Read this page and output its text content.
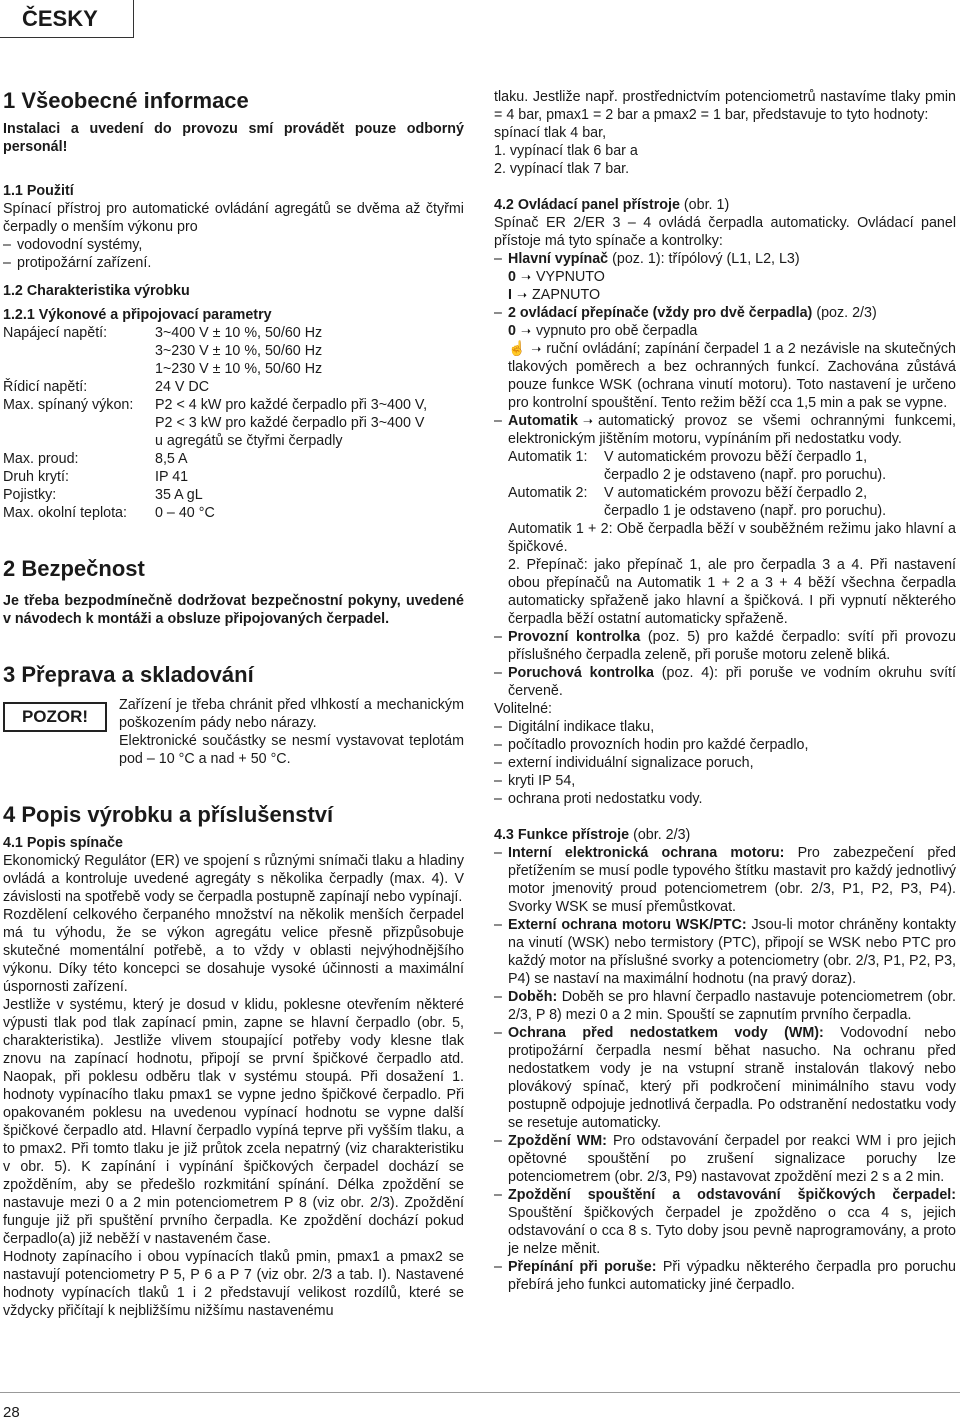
ČESKY
1 Všeobecné informace

Instalaci a uvedení do provozu smí provádět pouze odborný personál!

1.1 Použití

Spínací přístroj pro automatické ovládání agregátů se dvěma až čtyřmi čerpadly o menším výkonu pro

– vodovodní systémy,
– protipožární zařízení.

1.2 Charakteristika výrobku

1.2.1 Výkonové a připojovací parametry

Napájecí napětí:	3~400 V ± 10 %, 50/60 Hz
3~230 V ± 10 %, 50/60 Hz
1~230 V ± 10 %, 50/60 Hz
Řídicí napětí:	24 V DC
Max. spínaný výkon:	P2 < 4 kW pro každé čerpadlo při 3~400 V,
P2 < 3 kW pro každé čerpadlo při 3~400 V
u agregátů se čtyřmi čerpadly
Max. proud:	8,5 A
Druh krytí:	IP 41
Pojistky:	35 A gL
Max. okolní teplota:	0 – 40 °C
2 Bezpečnost

Je třeba bezpodmínečně dodržovat bezpečnostní pokyny, uvedené v návodech k montáži a obsluze připojovaných čerpadel.

3 Přeprava a skladování
POZOR!

Zařízení je třeba chránit před vlhkostí a mechanickým poškozením pády nebo nárazy.

Elektronické součástky se nesmí vystavovat teplotám pod – 10 °C a nad + 50 °C.

4 Popis výrobku a příslušenství

4.1 Popis spínače

Ekonomický Regulátor (ER) ve spojení s různými snímači tlaku a hladiny ovládá a kontroluje uvedené agregáty s několika čerpadly (max. 4). V závislosti na spotřebě vody se čerpadla postupně zapínají nebo vypínají.

Rozdělení celkového čerpaného množství na několik menších čerpadel má tu výhodu, že se výkon agregátu velice přesně přizpůsobuje skutečné momentální potřebě, a to vždy v oblasti nejvýhodnějšího výkonu. Díky této koncepci se dosahuje vysoké účinnosti a maximální úspornosti zařízení.

Jestliže v systému, který je dosud v klidu, poklesne otevřením některé výpusti tlak pod tlak zapínací pmin, zapne se hlavní čerpadlo (obr. 5, charakteristika). Jestliže vlivem stoupající potřeby vody klesne tlak znovu na zapínací hodnotu, připojí se první špičkové čerpadlo atd. Naopak, při poklesu odběru tlak v systému stoupá. Při dosažení 1. hodnoty vypínacího tlaku pmax1 se vypne jedno špičkové čerpadlo. Při opakovaném poklesu na uvedenou vypínací hodnotu se vypne další špičkové čerpadlo atd. Hlavní čerpadlo vypíná teprve při vyšším tlaku, a to pmax2. Při tomto tlaku je již průtok zcela nepatrný (viz charakteristiku v obr. 5). K zapínání i vypínání špičkových čerpadel dochází se zpožděním, aby se předešlo rozkmitání spínání. Délka zpoždění se nastavuje mezi 0 a 2 min potenciometrem P 8 (viz obr. 2/3). Zpoždění funguje již při spuštění prvního čerpadla. Ke zpoždění dochází pokud čerpadlo(a) již neběží v nastaveném čase.

Hodnoty zapínacího i obou vypínacích tlaků pmin, pmax1 a pmax2 se nastavují potenciometry P 5, P 6 a P 7 (viz obr. 2/3 a tab. I). Nastavené hodnoty vypínacích tlaků 1 i 2 představují velikost rozdílů, které se vždycky přičítají k nejbližšímu nižšímu nastavenému

tlaku. Jestliže např. prostřednictvím potenciometrů nastavíme tlaky pmin = 4 bar, pmax1 = 2 bar a pmax2 = 1 bar, představuje to tyto hodnoty:

spínací tlak 4 bar,

1. vypínací tlak 6 bar a

2. vypínací tlak 7 bar.

4.2 Ovládací panel přístroje (obr. 1)

Spínač ER 2/ER 3 – 4 ovládá čerpadla automaticky. Ovládací panel přístoje má tyto spínače a kontrolky:

– Hlavní vypínač (poz. 1): třípólový (L1, L2, L3)

0 ➝ VYPNUTO

I ➝ ZAPNUTO

– 2 ovládací přepínače (vždy pro dvě čerpadla) (poz. 2/3)

0 ➝ vypnuto pro obě čerpadla

☝ ➝ ruční ovládání; zapínání čerpadel 1 a 2 nezávisle na skutečných tlakových poměrech a bez ochranných funkcí. Zachována zůstává pouze funkce WSK (ochrana vinutí motoru). Toto nastavení je určeno pro kontrolní spouštění. Tento režim běží cca 1,5 min a pak se vypne.

– Automatik ➝ automatický provoz se všemi ochrannými funkcemi, elektronickým jištěním motoru, vypínáním při nedostatku vody.
Automatik 1:	V automatickém provozu běží čerpadlo 1,
čerpadlo 2 je odstaveno (např. pro poruchu).
Automatik 2:	V automatickém provozu běží čerpadlo 2,
čerpadlo 1 je odstaveno (např. pro poruchu).

Automatik 1 + 2: Obě čerpadla běží v souběžném režimu jako hlavní a špičkové.

2. Přepínač: jako přepínač 1, ale pro čerpadla 3 a 4. Při nastavení obou přepínačů na Automatik 1 + 2 a 3 + 4 běží všechna čerpadla automaticky spřaženě jako hlavní a špičková. I při vypnutí některého čerpadla běží ostatní automaticky spřaženě.

– Provozní kontrolka (poz. 5) pro každé čerpadlo: svítí při provozu příslušného čerpadla zeleně, při poruše motoru zeleně bliká.
– Poruchová kontrolka (poz. 4): při poruše ve vodním okruhu svítí červeně.

Volitelné:

– Digitální indikace tlaku,
– počítadlo provozních hodin pro každé čerpadlo,
– externí individuální signalizace poruch,
– kryti IP 54,
– ochrana proti nedostatku vody.

4.3 Funkce přístroje (obr. 2/3)

– Interní elektronická ochrana motoru: Pro zabezpečení před přetížením se musí podle typového štítku mastavit pro každý jednotlivý motor jmenovitý proud potenciometrem (obr. 2/3, P1, P2, P3, P4). Svorky WSK se musí přemůstkovat.
– Externí ochrana motoru WSK/PTC: Jsou-li motor chráněny kontakty na vinutí (WSK) nebo termistory (PTC), připojí se WSK nebo PTC pro každý motor na příslušné svorky a potenciometry (obr. 2/3, P1, P2, P3, P4) se nastaví na maximální hodnotu (na pravý doraz).
– Doběh: Doběh se pro hlavní čerpadlo nastavuje potenciometrem (obr. 2/3, P 8) mezi 0 a 2 min. Spouští se zapnutím prvního čerpadla.
– Ochrana před nedostatkem vody (WM): Vodovodní nebo protipožární čerpadla nesmí běhat nasucho. Na ochranu před nedostatkem vody je na vstupní straně instalován tlakový nebo plovákový spínač, který při podkročení minimálního stavu vody postupně odpojuje jednotlivá čerpadla. Po odstranění nedostatku vody se resetuje automaticky.
– Zpoždění WM: Pro odstavování čerpadel por reakci WM i pro jejich opětovné spouštění po zrušení signalizace poruchy lze potenciometrem (obr. 2/3, P9) nastavovat zpoždění mezi 2 s a 2 min.
– Zpoždění spouštění a odstavování špičkových čerpadel: Spouštění špičkových čerpadel je zpožděno o cca 4 s, jejich odstavování o cca 8 s. Tyto doby jsou pevně naprogramovány, a proto je nelze měnit.
– Přepínání při poruše: Při výpadku některého čerpadla pro poruchu přebírá jeho funkci automaticky jiné čerpadlo.
28
